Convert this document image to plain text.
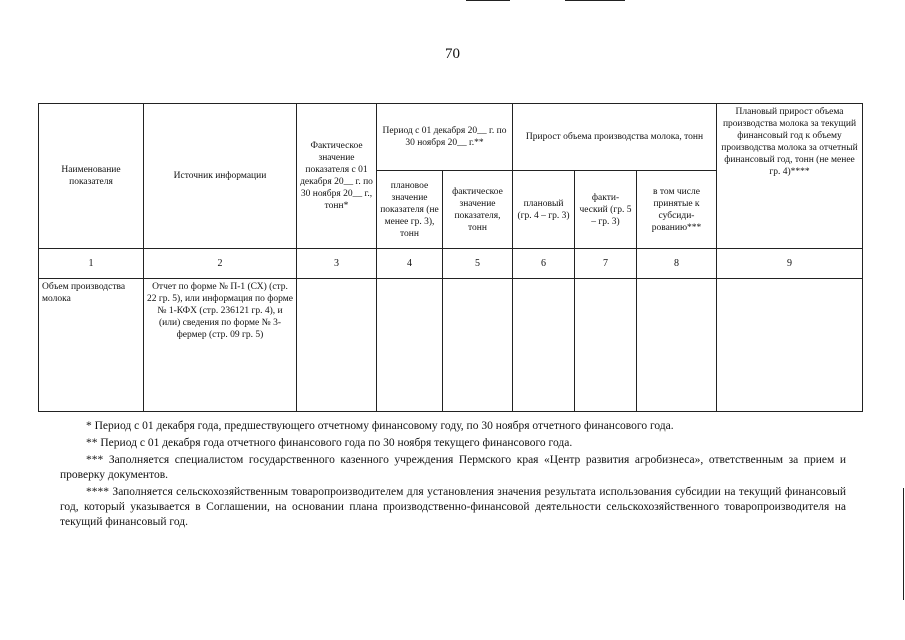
70
Наименование показателя	Источник информации	Фактическое значение показателя с 01 декабря 20__ г. по 30 ноября 20__ г., тонн*	Период с 01 декабря 20__ г. по 30 ноября 20__ г.**		Прирост объема производства молока, тонн			Плановый прирост объема производства молока за текущий финансовый год к объему производства молока за отчетный финансовый год, тонн (не менее гр. 4)****
			плановое значение показателя (не менее гр. 3), тонн	фактическое значение показателя, тонн	плановый (гр. 4 – гр. 3)	факти-ческий (гр. 5 – гр. 3)	в том числе принятые к субсиди-рованию***	
1	2	3	4	5	6	7	8	9
Объем производства молока	Отчет по форме № П-1 (СХ) (стр. 22 гр. 5), или информация по форме № 1-КФХ (стр. 236121 гр. 4), и (или) сведения по форме № 3-фермер (стр. 09 гр. 5)							

* Период с 01 декабря года, предшествующего отчетному финансовому году, по 30 ноября отчетного финансового года.

** Период с 01 декабря года отчетного финансового года по 30 ноября текущего финансового года.

*** Заполняется специалистом государственного казенного учреждения Пермского края «Центр развития агробизнеса», ответственным за прием и проверку документов.

**** Заполняется сельскохозяйственным товаропроизводителем для установления значения результата использования субсидии на текущий финансовый год, который указывается в Соглашении, на основании плана производственно-финансовой деятельности сельскохозяйственного товаропроизводителя на текущий финансовый год.
